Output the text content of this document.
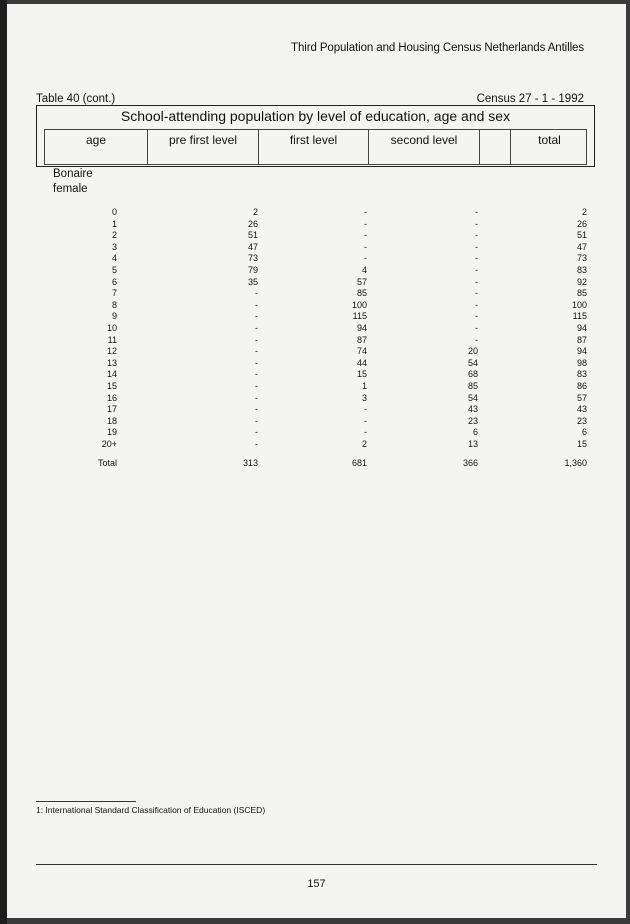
Third Population and Housing Census Netherlands Antilles
Table 40 (cont.)	Census 27 - 1 - 1992
School-attending population by level of education, age and sex
age	pre first level	first level	second level	total
Bonaire
female
0	2	-	-	2
1	26	-	-	26
2	51	-	-	51
3	47	-	-	47
4	73	-	-	73
5	79	4	-	83
6	35	57	-	92
7	-	85	-	85
8	-	100	-	100
9	-	115	-	115
10	-	94	-	94
11	-	87	-	87
12	-	74	20	94
13	-	44	54	98
14	-	15	68	83
15	-	1	85	86
16	-	3	54	57
17	-	-	43	43
18	-	-	23	23
19	-	-	6	6
20+	-	2	13	15
Total	313	681	366	1,360
1: International Standard Classification of Education (ISCED)
157
